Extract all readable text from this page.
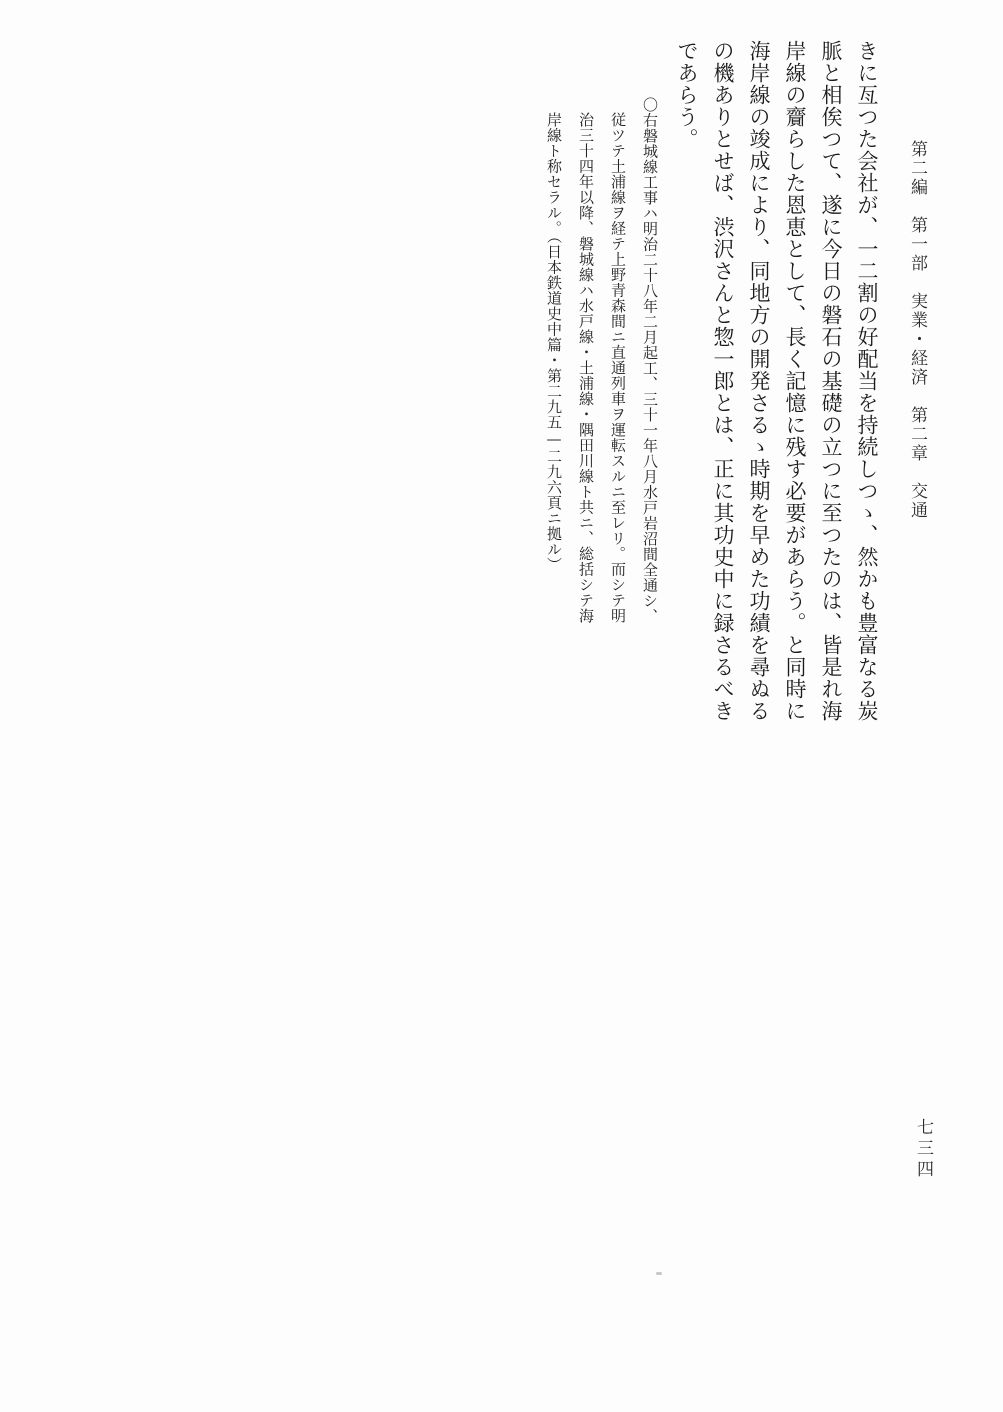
第二編　第一部　実業・経済　第二章　交通
きに亙つた会社が、一二割の好配当を持続しつゝ、然かも豊富なる炭
脈と相俟つて、遂に今日の磐石の基礎の立つに至つたのは、皆是れ海
岸線の齎らした恩恵として、長く記憶に残す必要があらう。と同時に
海岸線の竣成により、同地方の開発さるゝ時期を早めた功績を尋ぬる
の機ありとせば、渋沢さんと惣一郎とは、正に其功史中に録さるべき
であらう。
〇右磐城線工事ハ明治二十八年二月起工、三十一年八月水戸岩沼間全通シ、
従ツテ土浦線ヲ経テ上野青森間ニ直通列車ヲ運転スルニ至レリ。而シテ明
治三十四年以降、磐城線ハ水戸線・土浦線・隅田川線ト共ニ、総括シテ海
岸線ト称セラル。（日本鉄道史中篇・第二九五—二九六頁ニ拠ル）
七三四
